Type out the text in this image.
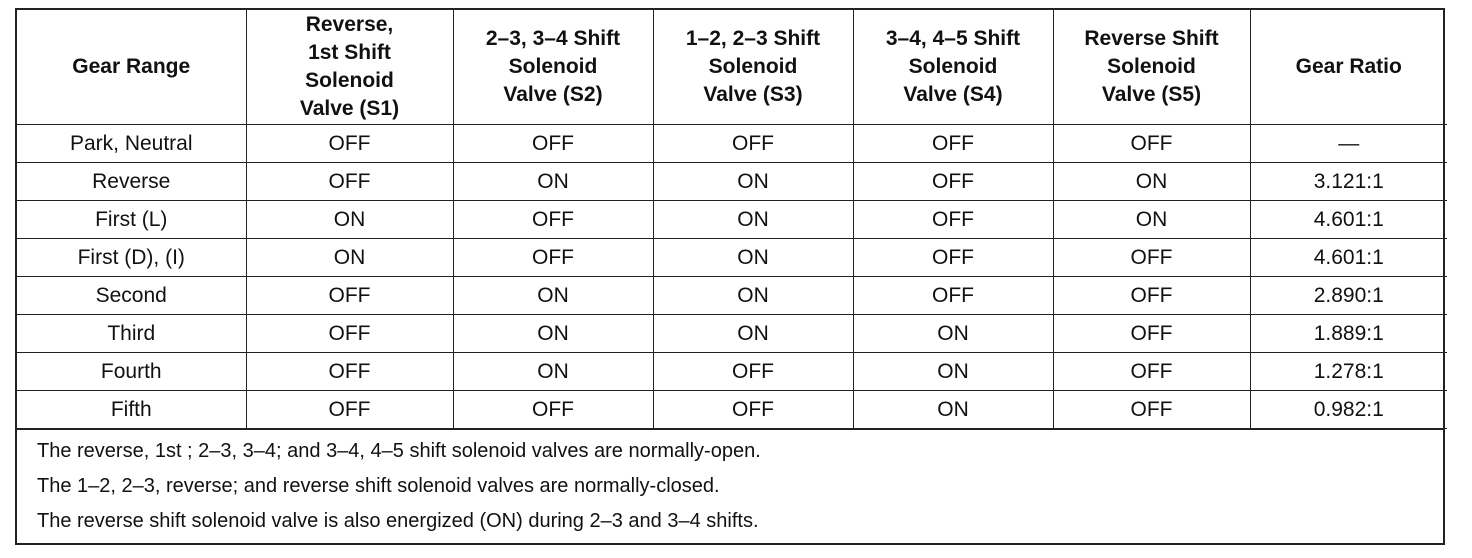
Gear Range	Reverse,
1st Shift
Solenoid
Valve (S1)	2–3, 3–4 Shift
Solenoid
Valve (S2)	1–2, 2–3 Shift
Solenoid
Valve (S3)	3–4, 4–5 Shift
Solenoid
Valve (S4)	Reverse Shift
Solenoid
Valve (S5)	Gear Ratio
Park, Neutral	OFF	OFF	OFF	OFF	OFF	—
Reverse	OFF	ON	ON	OFF	ON	3.121:1
First (L)	ON	OFF	ON	OFF	ON	4.601:1
First (D), (I)	ON	OFF	ON	OFF	OFF	4.601:1
Second	OFF	ON	ON	OFF	OFF	2.890:1
Third	OFF	ON	ON	ON	OFF	1.889:1
Fourth	OFF	ON	OFF	ON	OFF	1.278:1
Fifth	OFF	OFF	OFF	ON	OFF	0.982:1
The reverse, 1st ; 2–3, 3–4; and 3–4, 4–5 shift solenoid valves are normally-open.
The 1–2, 2–3, reverse; and reverse shift solenoid valves are normally-closed.
The reverse shift solenoid valve is also energized (ON) during 2–3 and 3–4 shifts.
